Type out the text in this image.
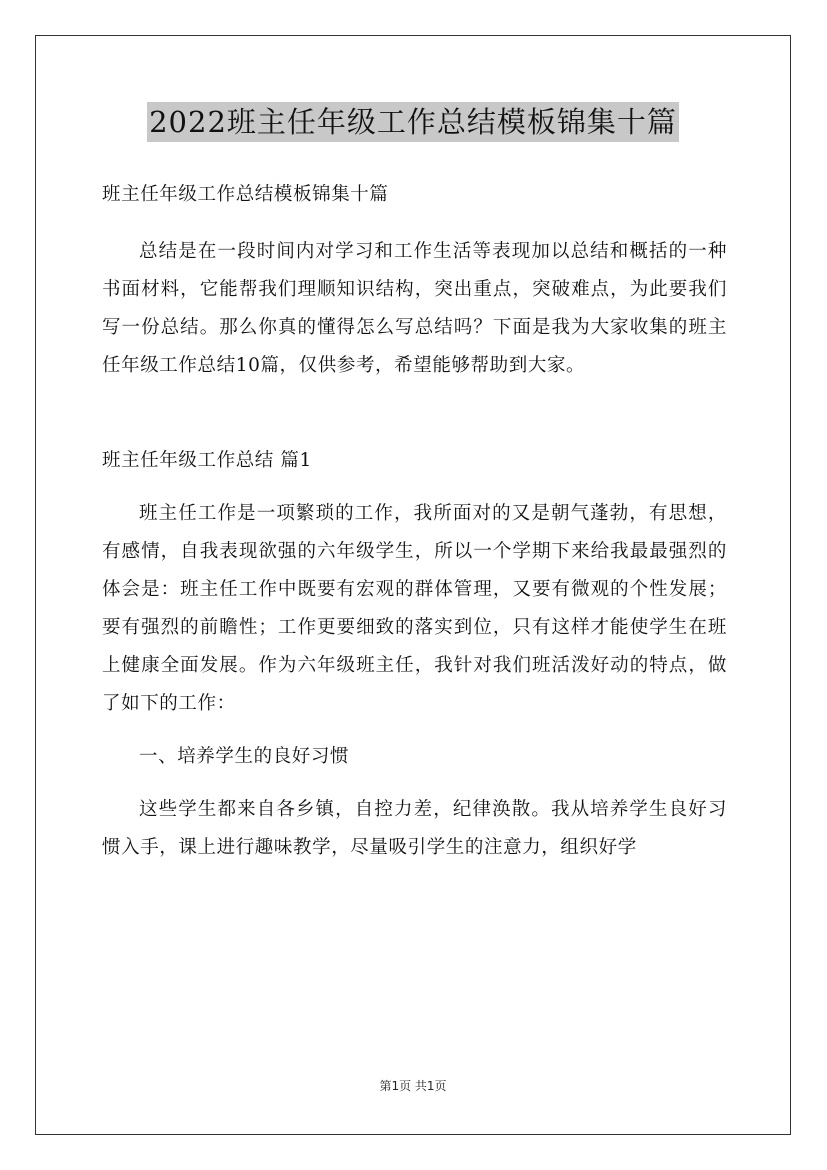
2022班主任年级工作总结模板锦集十篇

班主任年级工作总结模板锦集十篇

总结是在一段时间内对学习和工作生活等表现加以总结和概括的一种书面材料，它能帮我们理顺知识结构，突出重点，突破难点，为此要我们写一份总结。那么你真的懂得怎么写总结吗？下面是我为大家收集的班主任年级工作总结10篇，仅供参考，希望能够帮助到大家。

班主任年级工作总结 篇1

班主任工作是一项繁琐的工作，我所面对的又是朝气蓬勃，有思想，有感情，自我表现欲强的六年级学生，所以一个学期下来给我最最强烈的体会是：班主任工作中既要有宏观的群体管理，又要有微观的个性发展；要有强烈的前瞻性；工作更要细致的落实到位，只有这样才能使学生在班上健康全面发展。作为六年级班主任，我针对我们班活泼好动的特点，做了如下的工作：

一、培养学生的良好习惯

这些学生都来自各乡镇，自控力差，纪律涣散。我从培养学生良好习惯入手，课上进行趣味教学，尽量吸引学生的注意力，组织好学

第1页 共1页
